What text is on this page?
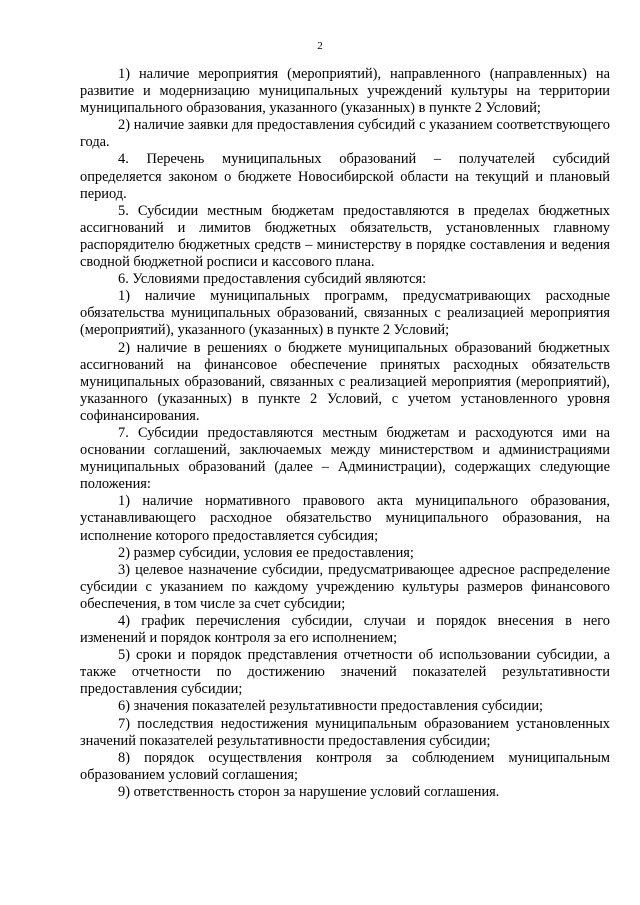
2

1) наличие мероприятия (мероприятий), направленного (направленных) на развитие и модернизацию муниципальных учреждений культуры на территории муниципального образования, указанного (указанных) в пункте 2 Условий;

2) наличие заявки для предоставления субсидий с указанием соответствующего года.

4. Перечень муниципальных образований – получателей субсидий определяется законом о бюджете Новосибирской области на текущий и плановый период.

5. Субсидии местным бюджетам предоставляются в пределах бюджетных ассигнований и лимитов бюджетных обязательств, установленных главному распорядителю бюджетных средств – министерству в порядке составления и ведения сводной бюджетной росписи и кассового плана.

6. Условиями предоставления субсидий являются:

1) наличие муниципальных программ, предусматривающих расходные обязательства муниципальных образований, связанных с реализацией мероприятия (мероприятий), указанного (указанных) в пункте 2 Условий;

2) наличие в решениях о бюджете муниципальных образований бюджетных ассигнований на финансовое обеспечение принятых расходных обязательств муниципальных образований, связанных с реализацией мероприятия (мероприятий), указанного (указанных) в пункте 2 Условий, с учетом установленного уровня софинансирования.

7. Субсидии предоставляются местным бюджетам и расходуются ими на основании соглашений, заключаемых между министерством и администрациями муниципальных образований (далее – Администрации), содержащих следующие положения:

1) наличие нормативного правового акта муниципального образования, устанавливающего расходное обязательство муниципального образования, на исполнение которого предоставляется субсидия;

2) размер субсидии, условия ее предоставления;

3) целевое назначение субсидии, предусматривающее адресное распределение субсидии с указанием по каждому учреждению культуры размеров финансового обеспечения, в том числе за счет субсидии;

4) график перечисления субсидии, случаи и порядок внесения в него изменений и порядок контроля за его исполнением;

5) сроки и порядок представления отчетности об использовании субсидии, а также отчетности по достижению значений показателей результативности предоставления субсидии;

6) значения показателей результативности предоставления субсидии;

7) последствия недостижения муниципальным образованием установленных значений показателей результативности предоставления субсидии;

8) порядок осуществления контроля за соблюдением муниципальным образованием условий соглашения;

9) ответственность сторон за нарушение условий соглашения.
